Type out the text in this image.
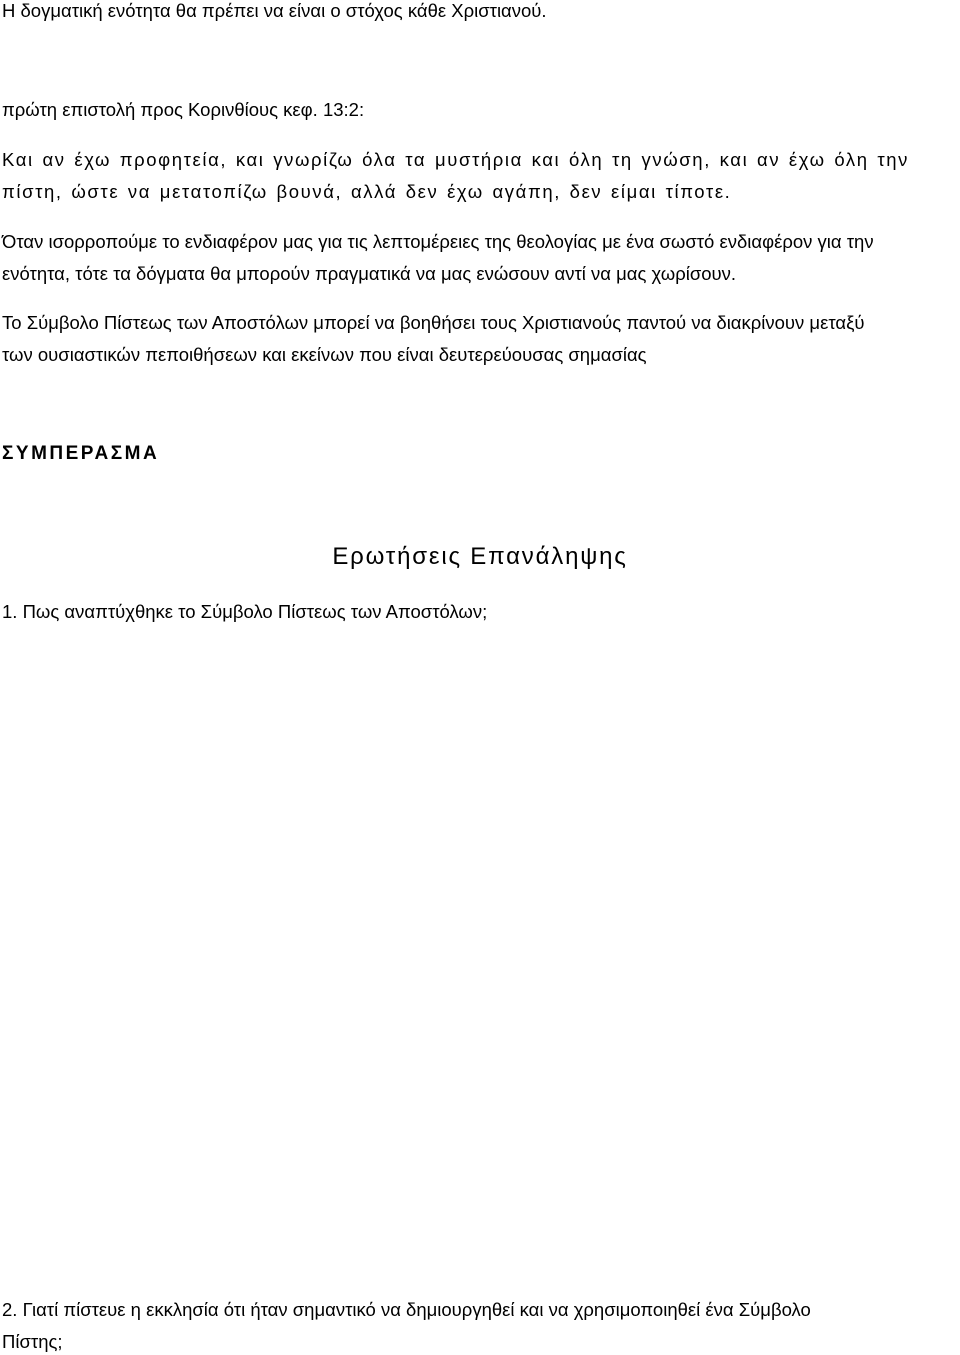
Η δογματική ενότητα θα πρέπει να είναι ο στόχος κάθε Χριστιανού.

πρώτη επιστολή προς Κορινθίους κεφ. 13:2:

Και αν έχω προφητεία, και γνωρίζω όλα τα μυστήρια και όλη τη γνώση, και αν έχω όλη την

πίστη, ώστε να μετατοπίζω βουνά, αλλά δεν έχω αγάπη, δεν είμαι τίποτε.

Όταν ισορροπούμε το ενδιαφέρον μας για τις λεπτομέρειες της θεολογίας με ένα σωστό ενδιαφέρον για την

ενότητα, τότε τα δόγματα θα μπορούν πραγματικά να μας ενώσουν αντί να μας χωρίσουν.

Το Σύμβολο Πίστεως των Αποστόλων μπορεί να βοηθήσει τους Χριστιανούς παντού να διακρίνουν μεταξύ

των ουσιαστικών πεποιθήσεων και εκείνων που είναι δευτερεύουσας σημασίας

ΣΥΜΠΕΡΑΣΜΑ
Ερωτήσεις Επανάληψης

1. Πως αναπτύχθηκε το Σύμβολο Πίστεως των Αποστόλων;

2. Γιατί πίστευε η εκκλησία ότι ήταν σημαντικό να δημιουργηθεί και να χρησιμοποιηθεί ένα Σύμβολο

Πίστης;
